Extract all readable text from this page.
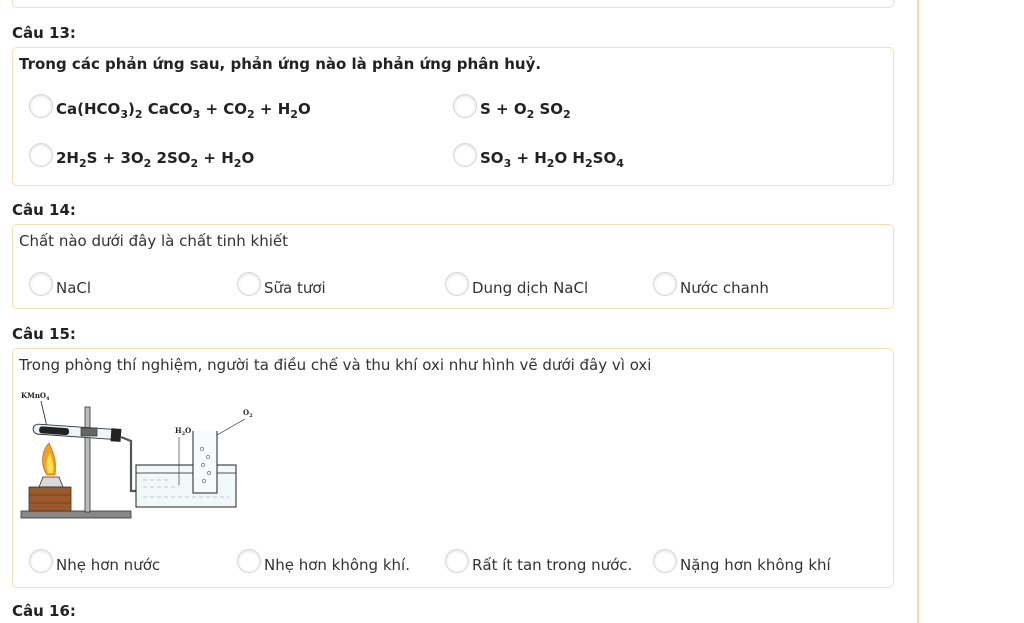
Câu 13:
Trong các phản ứng sau, phản ứng nào là phản ứng phân huỷ.
$Ca(HCO_3)_2$ CaCO$_3$ + $CO_2 + H_2O$	$S + O_2$ $SO_2$
$2H_2S + 3O_2$ $2SO_2 + H_2O$	$SO_3 + H_2O$ $H_2SO_4$
Câu 14:
Chất nào dưới đây là chất tinh khiết
NaCl	Sữa tươi	Dung dịch NaCl	Nước chanh
Câu 15:
Trong phòng thí nghiệm, người ta điều chế và thu khí oxi như hình vẽ dưới đây vì oxi
KMnO$_4$
$H_2O$
$O_2$
Nhẹ hơn nước	Nhẹ hơn không khí.	Rất ít tan trong nước.	Nặng hơn không khí
Câu 16:
